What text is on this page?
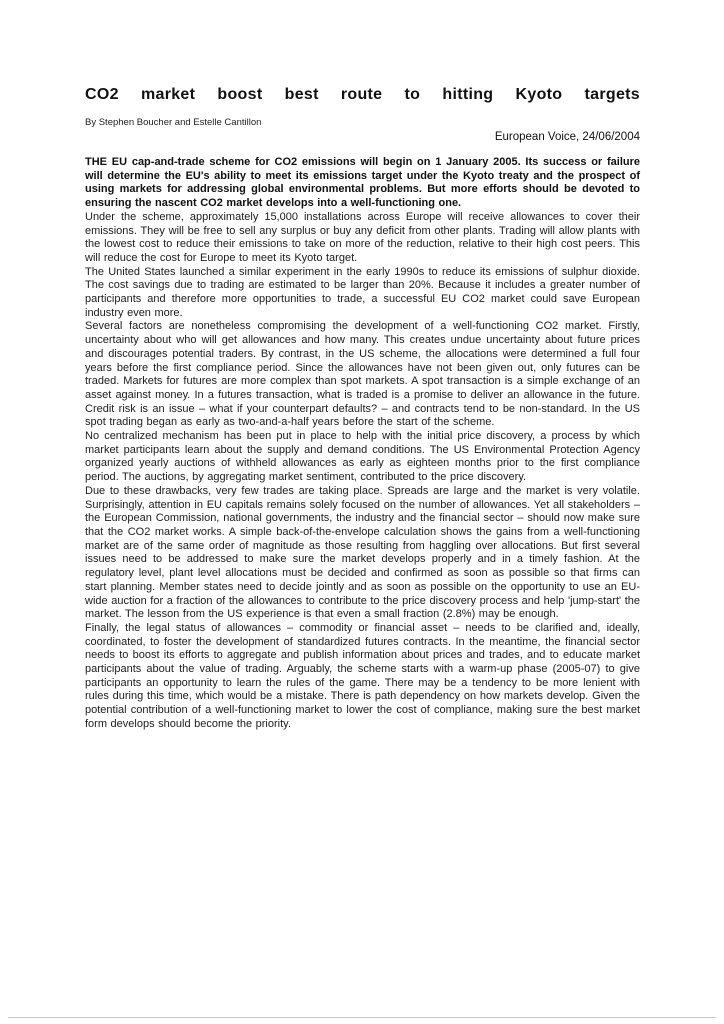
CO2 market boost best route to hitting Kyoto targets
By Stephen Boucher and Estelle Cantillon
European Voice, 24/06/2004

THE EU cap-and-trade scheme for CO2 emissions will begin on 1 January 2005. Its success or failure will determine the EU's ability to meet its emissions target under the Kyoto treaty and the prospect of using markets for addressing global environmental problems. But more efforts should be devoted to ensuring the nascent CO2 market develops into a well-functioning one.

Under the scheme, approximately 15,000 installations across Europe will receive allowances to cover their emissions. They will be free to sell any surplus or buy any deficit from other plants. Trading will allow plants with the lowest cost to reduce their emissions to take on more of the reduction, relative to their high cost peers. This will reduce the cost for Europe to meet its Kyoto target.

The United States launched a similar experiment in the early 1990s to reduce its emissions of sulphur dioxide. The cost savings due to trading are estimated to be larger than 20%. Because it includes a greater number of participants and therefore more opportunities to trade, a successful EU CO2 market could save European industry even more.

Several factors are nonetheless compromising the development of a well-functioning CO2 market. Firstly, uncertainty about who will get allowances and how many. This creates undue uncertainty about future prices and discourages potential traders. By contrast, in the US scheme, the allocations were determined a full four years before the first compliance period. Since the allowances have not been given out, only futures can be traded. Markets for futures are more complex than spot markets. A spot transaction is a simple exchange of an asset against money. In a futures transaction, what is traded is a promise to deliver an allowance in the future. Credit risk is an issue – what if your counterpart defaults? – and contracts tend to be non-standard. In the US spot trading began as early as two-and-a-half years before the start of the scheme.

No centralized mechanism has been put in place to help with the initial price discovery, a process by which market participants learn about the supply and demand conditions. The US Environmental Protection Agency organized yearly auctions of withheld allowances as early as eighteen months prior to the first compliance period. The auctions, by aggregating market sentiment, contributed to the price discovery.

Due to these drawbacks, very few trades are taking place. Spreads are large and the market is very volatile. Surprisingly, attention in EU capitals remains solely focused on the number of allowances. Yet all stakeholders – the European Commission, national governments, the industry and the financial sector – should now make sure that the CO2 market works. A simple back-of-the-envelope calculation shows the gains from a well-functioning market are of the same order of magnitude as those resulting from haggling over allocations. But first several issues need to be addressed to make sure the market develops properly and in a timely fashion. At the regulatory level, plant level allocations must be decided and confirmed as soon as possible so that firms can start planning. Member states need to decide jointly and as soon as possible on the opportunity to use an EU-wide auction for a fraction of the allowances to contribute to the price discovery process and help 'jump-start' the market. The lesson from the US experience is that even a small fraction (2.8%) may be enough.

Finally, the legal status of allowances – commodity or financial asset – needs to be clarified and, ideally, coordinated, to foster the development of standardized futures contracts. In the meantime, the financial sector needs to boost its efforts to aggregate and publish information about prices and trades, and to educate market participants about the value of trading. Arguably, the scheme starts with a warm-up phase (2005-07) to give participants an opportunity to learn the rules of the game. There may be a tendency to be more lenient with rules during this time, which would be a mistake. There is path dependency on how markets develop. Given the potential contribution of a well-functioning market to lower the cost of compliance, making sure the best market form develops should become the priority.
